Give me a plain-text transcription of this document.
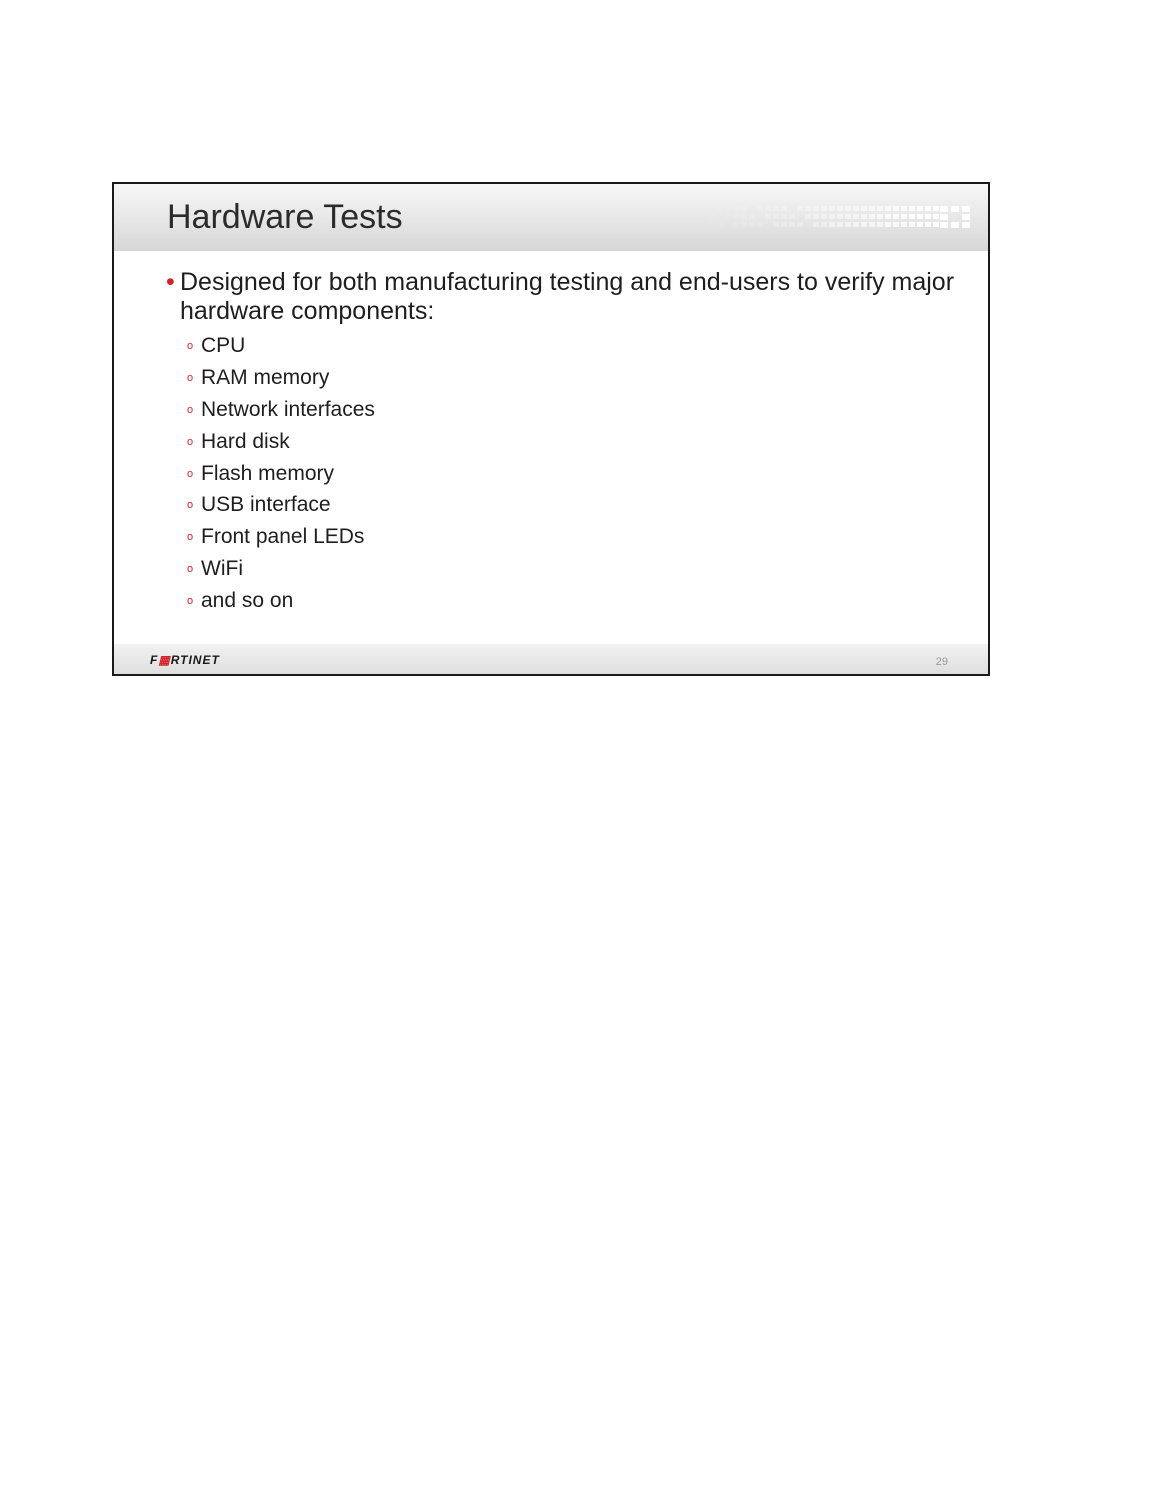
Hardware Tests
• Designed for both manufacturing testing and end-users to verify major hardware components:
o CPU
o RAM memory
o Network interfaces
o Hard disk
o Flash memory
o USB interface
o Front panel LEDs
o WiFi
o and so on
F▦RTINET	29
